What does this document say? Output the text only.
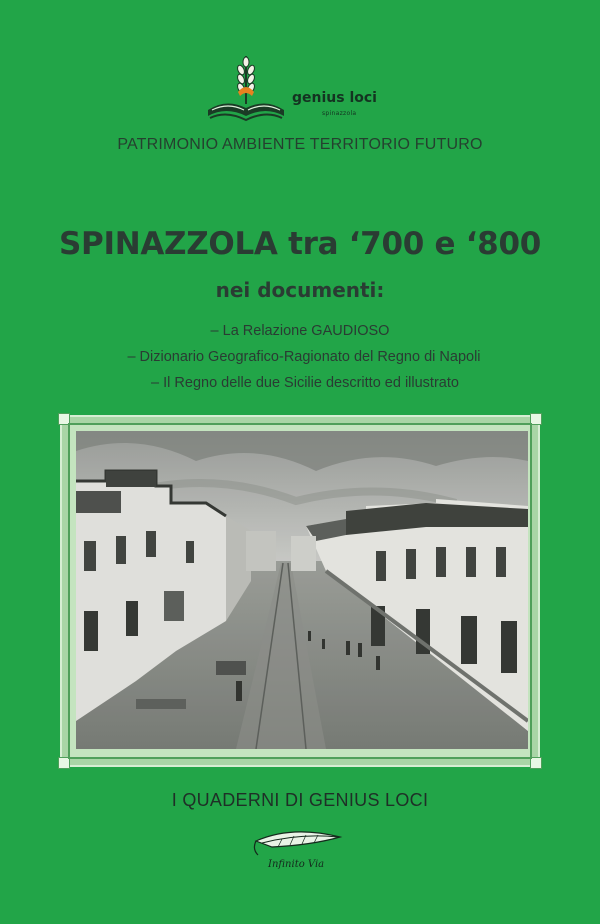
genius loci
spinazzola
PATRIMONIO AMBIENTE TERRITORIO FUTURO
SPINAZZOLA tra ‘700 e ‘800
nei documenti:
– La Relazione GAUDIOSO
– Dizionario Geografico-Ragionato del Regno di Napoli
– Il Regno delle due Sicilie descritto ed illustrato
I QUADERNI DI GENIUS LOCI
Infinito Via
